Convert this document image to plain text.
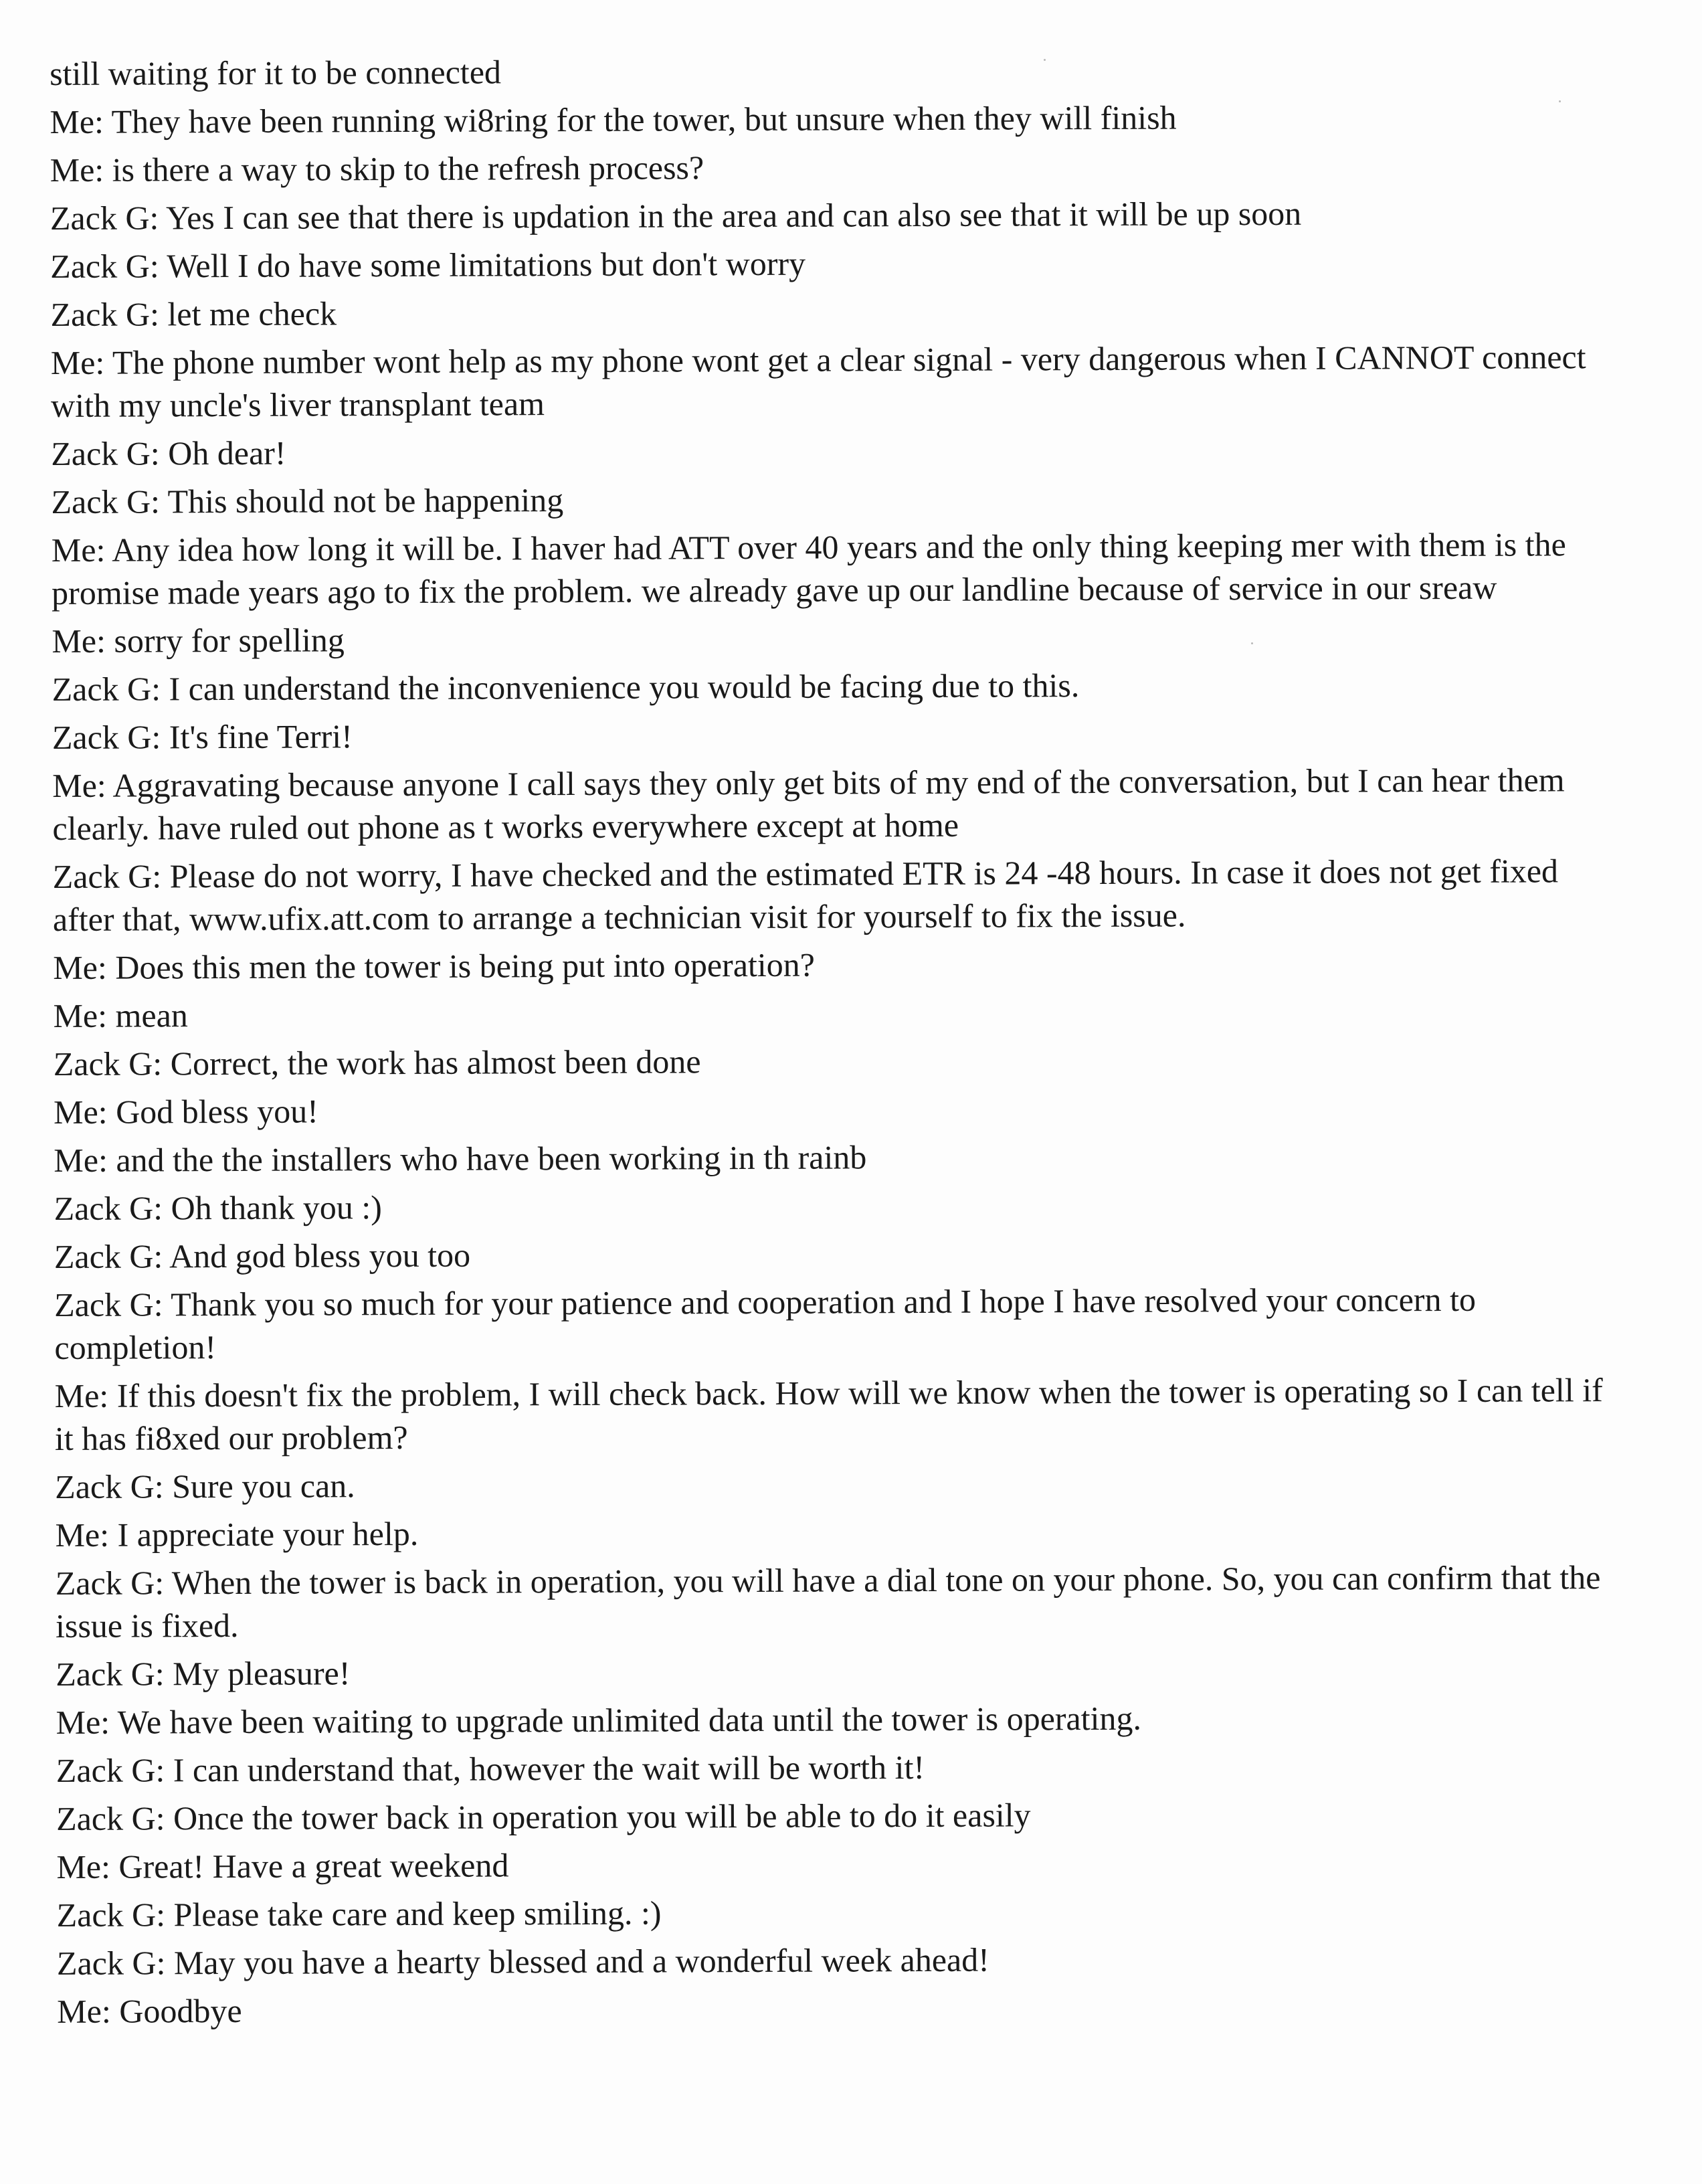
still waiting for it to be connected
Me: They have been running wi8ring for the tower, but unsure when they will finish
Me: is there a way to skip to the refresh process?
Zack G: Yes I can see that there is updation in the area and can also see that it will be up soon
Zack G: Well I do have some limitations but don't worry
Zack G: let me check
Me: The phone number wont help as my phone wont get a clear signal - very dangerous when I CANNOT connect with my uncle's liver transplant team
Zack G: Oh dear!
Zack G: This should not be happening
Me: Any idea how long it will be. I haver had ATT over 40 years and the only thing keeping mer with them is the promise made years ago to fix the problem. we already gave up our landline because of service in our sreaw
Me: sorry for spelling
Zack G: I can understand the inconvenience you would be facing due to this.
Zack G: It's fine Terri!
Me: Aggravating because anyone I call says they only get bits of my end of the conversation, but I can hear them clearly. have ruled out phone as t works everywhere except at home
Zack G: Please do not worry, I have checked and the estimated ETR is 24 -48 hours. In case it does not get fixed after that, www.ufix.att.com to arrange a technician visit for yourself to fix the issue.
Me: Does this men the tower is being put into operation?
Me: mean
Zack G: Correct, the work has almost been done
Me: God bless you!
Me: and the the installers who have been working in th rainb
Zack G: Oh thank you :)
Zack G: And god bless you too
Zack G: Thank you so much for your patience and cooperation and I hope I have resolved your concern to completion!
Me: If this doesn't fix the problem, I will check back. How will we know when the tower is operating so I can tell if it has fi8xed our problem?
Zack G: Sure you can.
Me: I appreciate your help.
Zack G: When the tower is back in operation, you will have a dial tone on your phone. So, you can confirm that the issue is fixed.
Zack G: My pleasure!
Me: We have been waiting to upgrade unlimited data until the tower is operating.
Zack G: I can understand that, however the wait will be worth it!
Zack G: Once the tower back in operation you will be able to do it easily
Me: Great! Have a great weekend
Zack G: Please take care and keep smiling. :)
Zack G: May you have a hearty blessed and a wonderful week ahead!
Me: Goodbye
